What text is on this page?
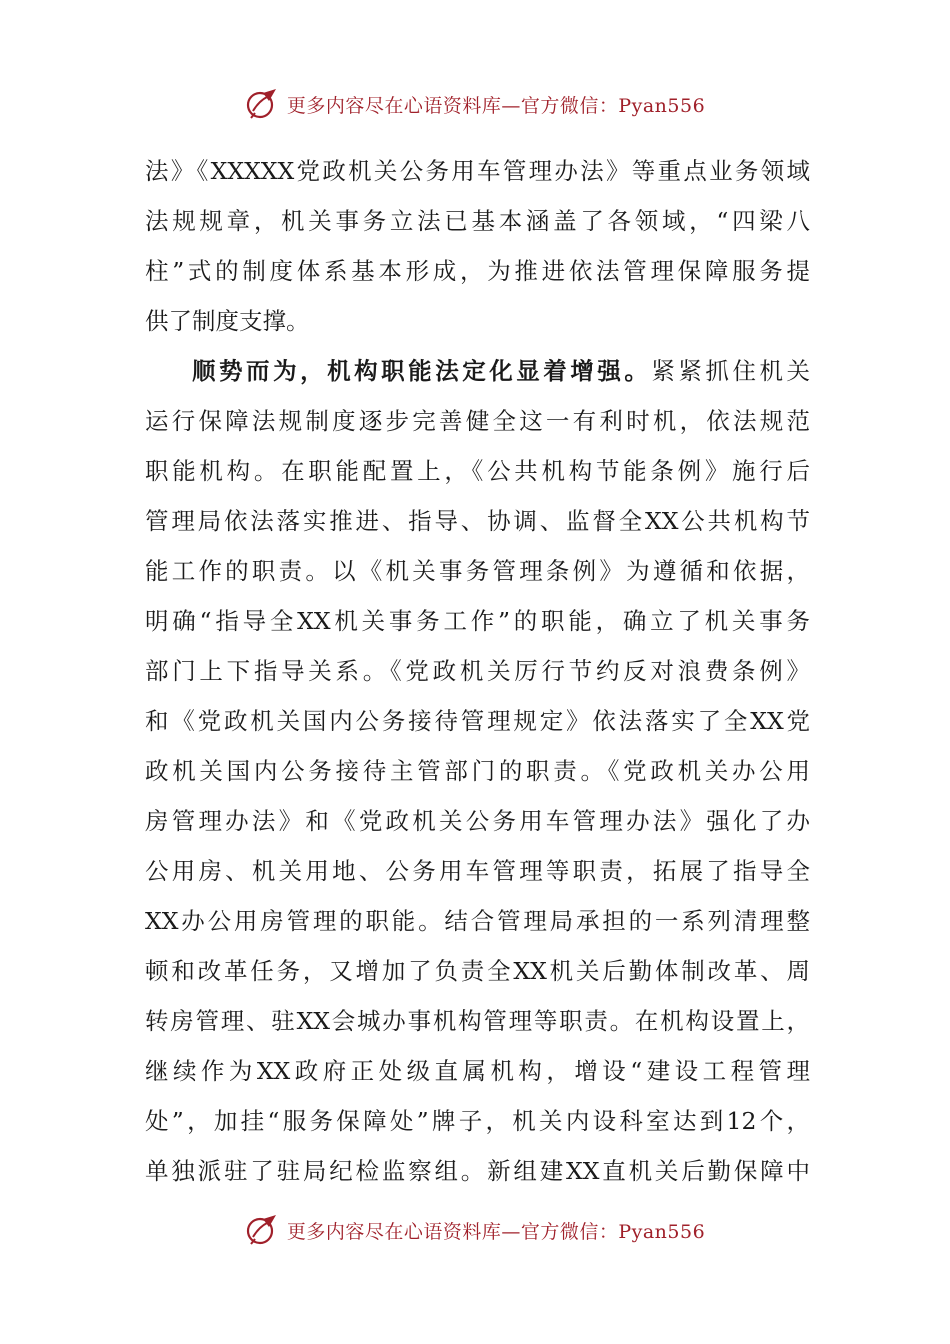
更多内容尽在心语资料库—官方微信：Pyan556
法》《XXXXX党政机关公务用车管理办法》等重点业务领域
法规规章，机关事务立法已基本涵盖了各领域，“四梁八
柱”式的制度体系基本形成，为推进依法管理保障服务提
供了制度支撑。
顺势而为，机构职能法定化显着增强。紧紧抓住机关
运行保障法规制度逐步完善健全这一有利时机，依法规范
职能机构。在职能配置上，《公共机构节能条例》施行后
管理局依法落实推进、指导、协调、监督全XX公共机构节
能工作的职责。以《机关事务管理条例》为遵循和依据，
明确“指导全XX机关事务工作”的职能，确立了机关事务
部门上下指导关系。《党政机关厉行节约反对浪费条例》
和《党政机关国内公务接待管理规定》依法落实了全XX党
政机关国内公务接待主管部门的职责。《党政机关办公用
房管理办法》和《党政机关公务用车管理办法》强化了办
公用房、机关用地、公务用车管理等职责，拓展了指导全
XX办公用房管理的职能。结合管理局承担的一系列清理整
顿和改革任务，又增加了负责全XX机关后勤体制改革、周
转房管理、驻XX会城办事机构管理等职责。在机构设置上，
继续作为XX政府正处级直属机构，增设“建设工程管理
处”，加挂“服务保障处”牌子，机关内设科室达到12个，
单独派驻了驻局纪检监察组。新组建XX直机关后勤保障中
更多内容尽在心语资料库—官方微信：Pyan556
